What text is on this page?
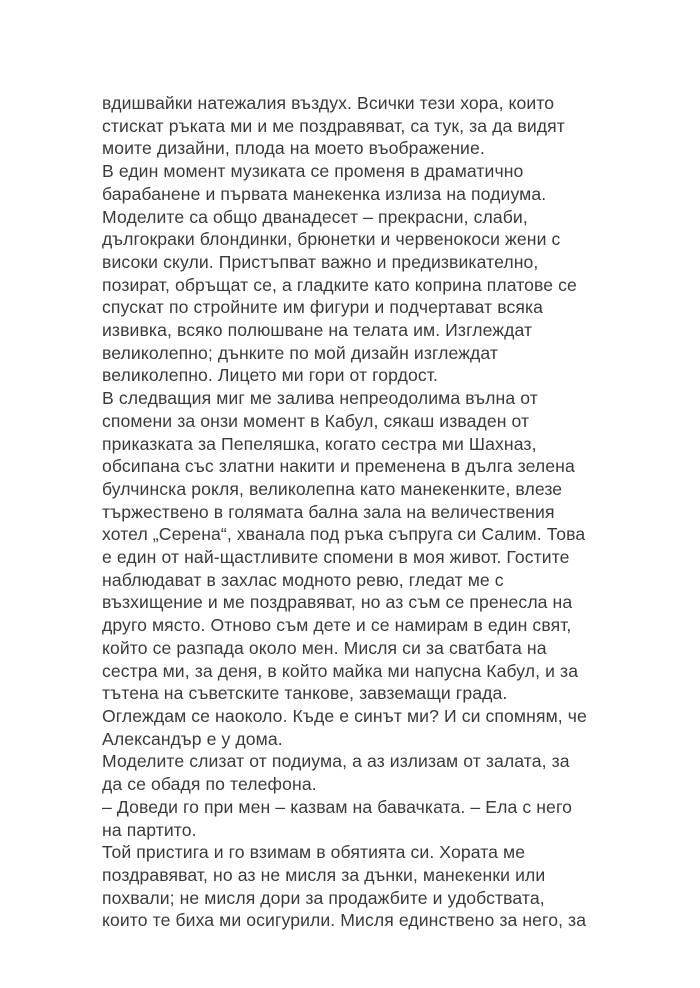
вдишвайки натежалия въздух. Всички тези хора, които
стискат ръката ми и ме поздравяват, са тук, за да видят
моите дизайни, плода на моето въображение.
В един момент музиката се променя в драматично
барабанене и първата манекенка излиза на подиума.
Моделите са общо дванадесет – прекрасни, слаби,
дългокраки блондинки, брюнетки и червенокоси жени с
високи скули. Пристъпват важно и предизвикателно,
позират, обръщат се, а гладките като коприна платове се
спускат по стройните им фигури и подчертават всяка
извивка, всяко полюшване на телата им. Изглеждат
великолепно; дънките по мой дизайн изглеждат
великолепно. Лицето ми гори от гордост.
В следващия миг ме залива непреодолима вълна от
спомени за онзи момент в Кабул, сякаш изваден от
приказката за Пепеляшка, когато сестра ми Шахназ,
обсипана със златни накити и пременена в дълга зелена
булчинска рокля, великолепна като манекенките, влезе
тържествено в голямата бална зала на величествения
хотел „Серена“, хванала под ръка съпруга си Салим. Това
е един от най-щастливите спомени в моя живот. Гостите
наблюдават в захлас модното ревю, гледат ме с
възхищение и ме поздравяват, но аз съм се пренесла на
друго място. Отново съм дете и се намирам в един свят,
който се разпада около мен. Мисля си за сватбата на
сестра ми, за деня, в който майка ми напусна Кабул, и за
тътена на съветските танкове, завземащи града.
Оглеждам се наоколо. Къде е синът ми? И си спомням, че
Александър е у дома.
Моделите слизат от подиума, а аз излизам от залата, за
да се обадя по телефона.
– Доведи го при мен – казвам на бавачката. – Ела с него
на партито.
Той пристига и го взимам в обятията си. Хората ме
поздравяват, но аз не мисля за дънки, манекенки или
похвали; не мисля дори за продажбите и удобствата,
които те биха ми осигурили. Мисля единствено за него, за
